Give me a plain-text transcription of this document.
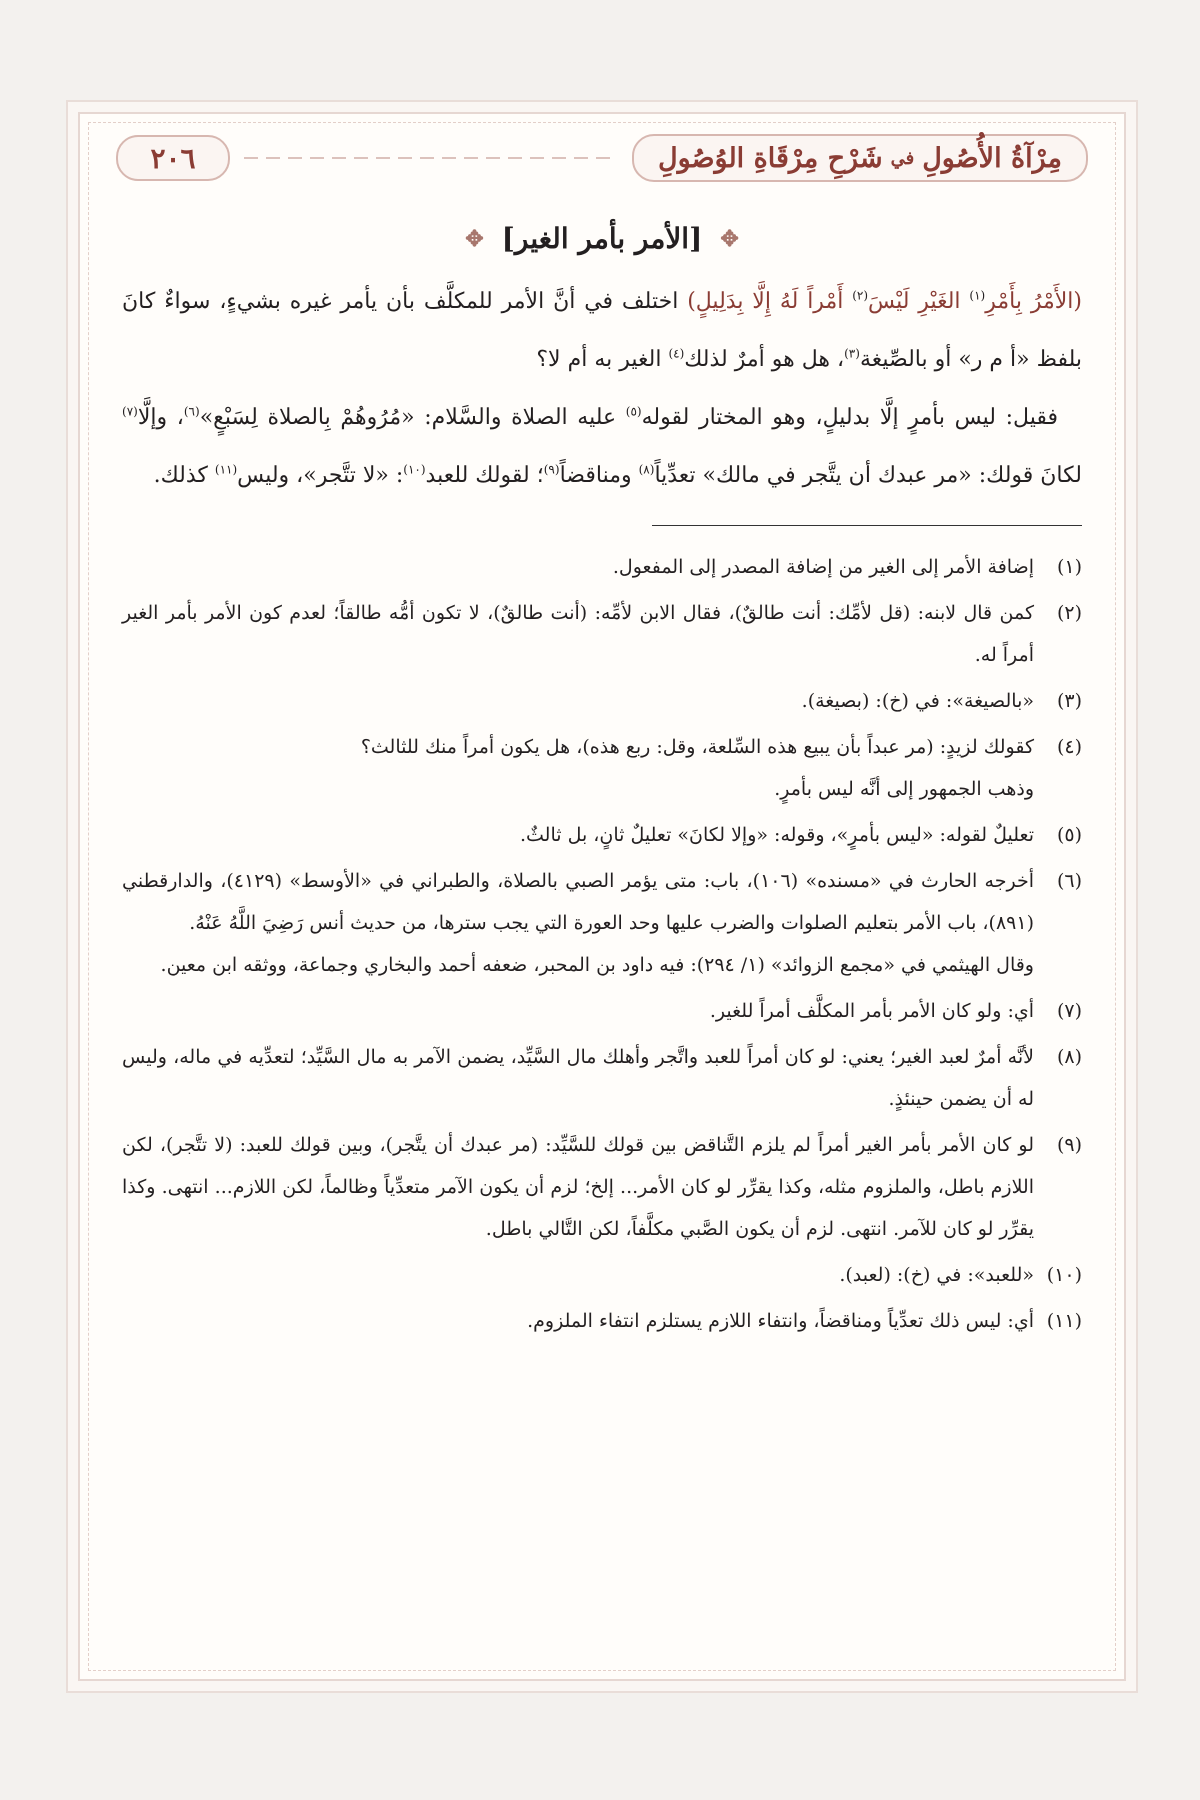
٢٠٦	مِرْآةُ الأُصُولِ
في
شَرْحِ مِرْقَاةِ الوُصُولِ
✥
[الأمر بأمر الغير]
✥

(الأَمْرُ بِأَمْرِ$^{(١)}$ الغَيْرِ لَيْسَ$^{(٢)}$ أَمْراً لَهُ إِلَّا بِدَلِيلٍ) اختلف في أنَّ الأمر للمكلَّف بأن يأمر غيره بشيءٍ، سواءٌ كانَ بلفظ «أ م ر» أو بالصِّيغة$^{(٣)}$، هل هو أمرٌ لذلك$^{(٤)}$ الغير به أم لا؟

فقيل: ليس بأمرٍ إلَّا بدليلٍ، وهو المختار لقوله$^{(٥)}$ عليه الصلاة والسَّلام: «مُرُوهُمْ بِالصلاة لِسَبْعٍ»$^{(٦)}$، وإلَّا$^{(٧)}$ لكانَ قولك: «مر عبدك أن يتَّجر في مالك» تعدِّياً$^{(٨)}$ ومناقضاً$^{(٩)}$؛ لقولك للعبد$^{(١٠)}$: «لا تتَّجر»، وليس$^{(١١)}$ كذلك.

(١)

إضافة الأمر إلى الغير من إضافة المصدر إلى المفعول.

(٢)

كمن قال لابنه: (قل لأمِّك: أنت طالقٌ)، فقال الابن لأمِّه: (أنت طالقٌ)، لا تكون أمُّه طالقاً؛ لعدم كون الأمر بأمر الغير أمراً له.

(٣)

«بالصيغة»: في (خ): (بصيغة).

(٤)

كقولك لزيدٍ: (مر عبداً بأن يبيع هذه السِّلعة، وقل: ربع هذه)، هل يكون أمراً منك للثالث؟

وذهب الجمهور إلى أنَّه ليس بأمرٍ.

(٥)

تعليلٌ لقوله: «ليس بأمرٍ»، وقوله: «وإلا لكانَ» تعليلٌ ثانٍ، بل ثالثٌ.

(٦)

أخرجه الحارث في «مسنده» (١٠٦)، باب: متى يؤمر الصبي بالصلاة، والطبراني في «الأوسط» (٤١٢٩)، والدارقطني (٨٩١)، باب الأمر بتعليم الصلوات والضرب عليها وحد العورة التي يجب سترها، من حديث أنس رَضِيَ اللَّهُ عَنْهُ.

وقال الهيثمي في «مجمع الزوائد» (١/ ٢٩٤): فيه داود بن المحبر، ضعفه أحمد والبخاري وجماعة، ووثقه ابن معين.

(٧)

أي: ولو كان الأمر بأمر المكلَّف أمراً للغير.

(٨)

لأنَّه أمرٌ لعبد الغير؛ يعني: لو كان أمراً للعبد واتَّجر وأهلك مال السَّيِّد، يضمن الآمر به مال السَّيِّد؛ لتعدِّيه في ماله، وليس له أن يضمن حينئذٍ.

(٩)

لو كان الأمر بأمر الغير أمراً لم يلزم التَّناقض بين قولك للسَّيِّد: (مر عبدك أن يتَّجر)، وبين قولك للعبد: (لا تتَّجر)، لكن اللازم باطل، والملزوم مثله، وكذا يقرِّر لو كان الأمر... إلخ؛ لزم أن يكون الآمر متعدِّياً وظالماً، لكن اللازم... انتهى. وكذا يقرِّر لو كان للآمر. انتهى. لزم أن يكون الصَّبي مكلَّفاً، لكن التَّالي باطل.

(١٠)

«للعبد»: في (خ): (لعبد).

(١١)

أي: ليس ذلك تعدِّياً ومناقضاً، وانتفاء اللازم يستلزم انتفاء الملزوم.
